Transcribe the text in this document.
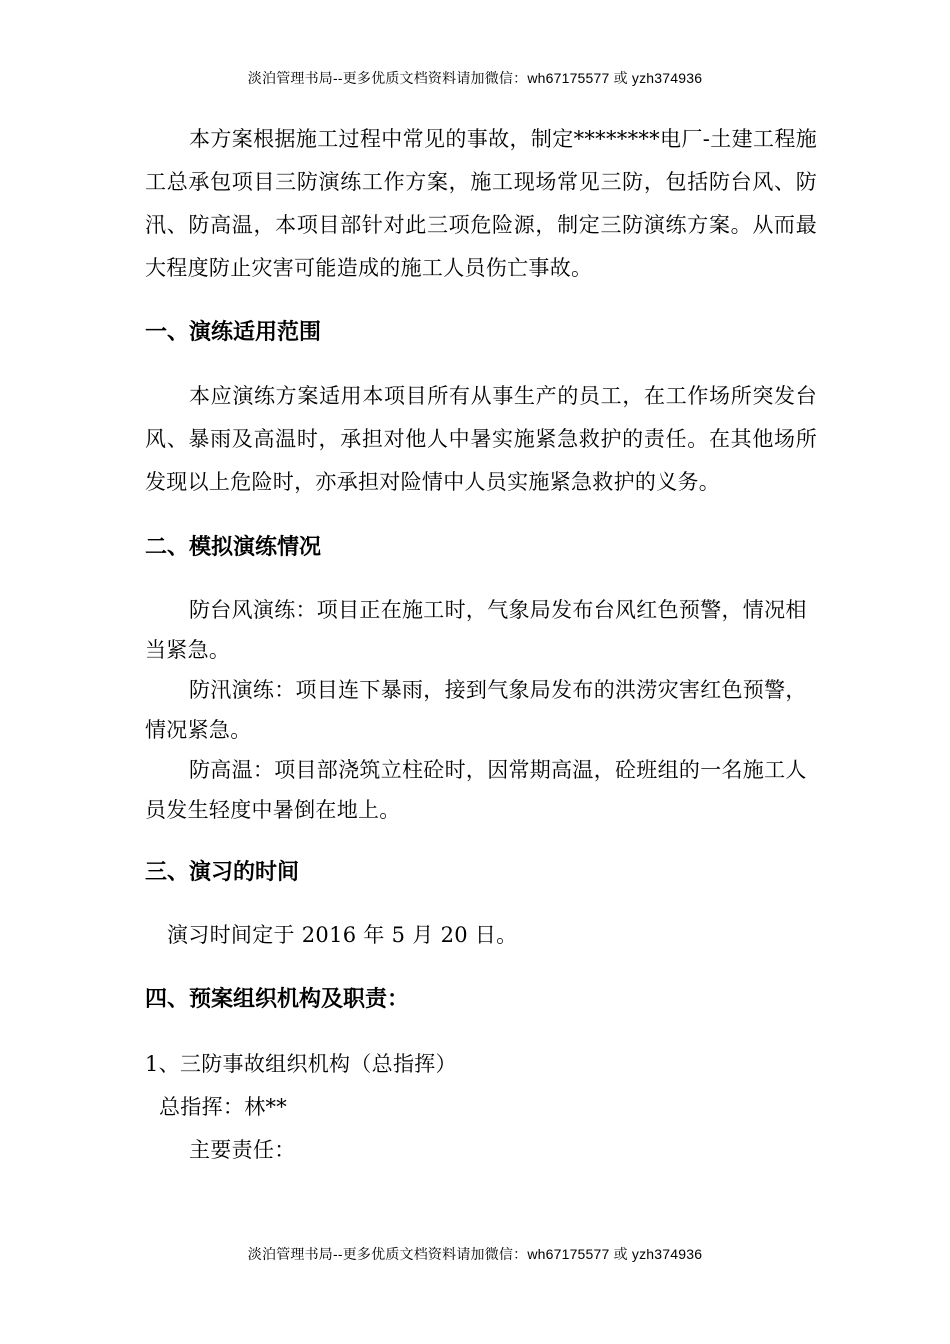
淡泊管理书局--更多优质文档资料请加微信：wh67175577 或 yzh374936

本方案根据施工过程中常见的事故，制定********电厂-土建工程施工总承包项目三防演练工作方案，施工现场常见三防，包括防台风、防汛、防高温，本项目部针对此三项危险源，制定三防演练方案。从而最大程度防止灾害可能造成的施工人员伤亡事故。

一、演练适用范围

本应演练方案适用本项目所有从事生产的员工，在工作场所突发台风、暴雨及高温时，承担对他人中暑实施紧急救护的责任。在其他场所发现以上危险时，亦承担对险情中人员实施紧急救护的义务。

二、模拟演练情况

防台风演练：项目正在施工时，气象局发布台风红色预警，情况相当紧急。

防汛演练：项目连下暴雨，接到气象局发布的洪涝灾害红色预警，情况紧急。

防高温：项目部浇筑立柱砼时，因常期高温，砼班组的一名施工人员发生轻度中暑倒在地上。

三、演习的时间

演习时间定于 2016 年 5 月 20 日。

四、预案组织机构及职责：

1、三防事故组织机构（总指挥）

总指挥：林**

主要责任：

淡泊管理书局--更多优质文档资料请加微信：wh67175577 或 yzh374936
